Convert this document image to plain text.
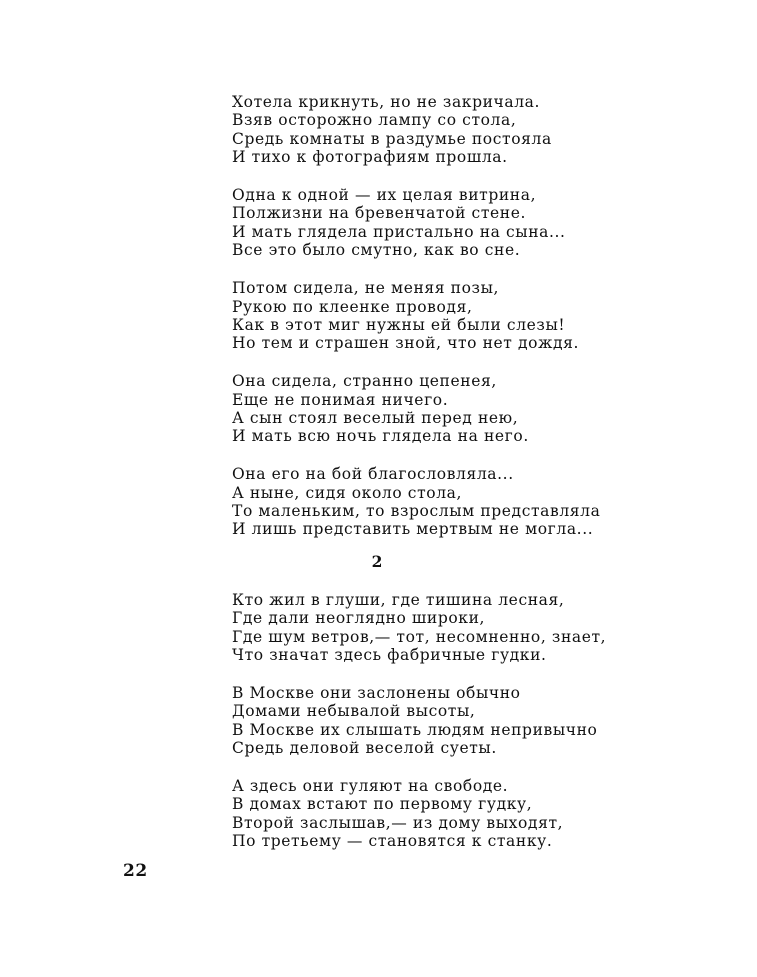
Хотела крикнуть, но не закричала.
Взяв осторожно лампу со стола,
Средь комнаты в раздумье постояла
И тихо к фотографиям прошла.
Одна к одной — их целая витрина,
Полжизни на бревенчатой стене.
И мать глядела пристально на сына...
Все это было смутно, как во сне.
Потом сидела, не меняя позы,
Рукою по клеенке проводя,
Как в этот миг нужны ей были слезы!
Но тем и страшен зной, что нет дождя.
Она сидела, странно цепенея,
Еще не понимая ничего.
А сын стоял веселый перед нею,
И мать всю ночь глядела на него.
Она его на бой благословляла...
А ныне, сидя около стола,
То маленьким, то взрослым представляла
И лишь представить мертвым не могла...
2
Кто жил в глуши, где тишина лесная,
Где дали неоглядно широки,
Где шум ветров,— тот, несомненно, знает,
Что значат здесь фабричные гудки.
В Москве они заслонены обычно
Домами небывалой высоты,
В Москве их слышать людям непривычно
Средь деловой веселой суеты.
А здесь они гуляют на свободе.
В домах встают по первому гудку,
Второй заслышав,— из дому выходят,
По третьему — становятся к станку.
22
